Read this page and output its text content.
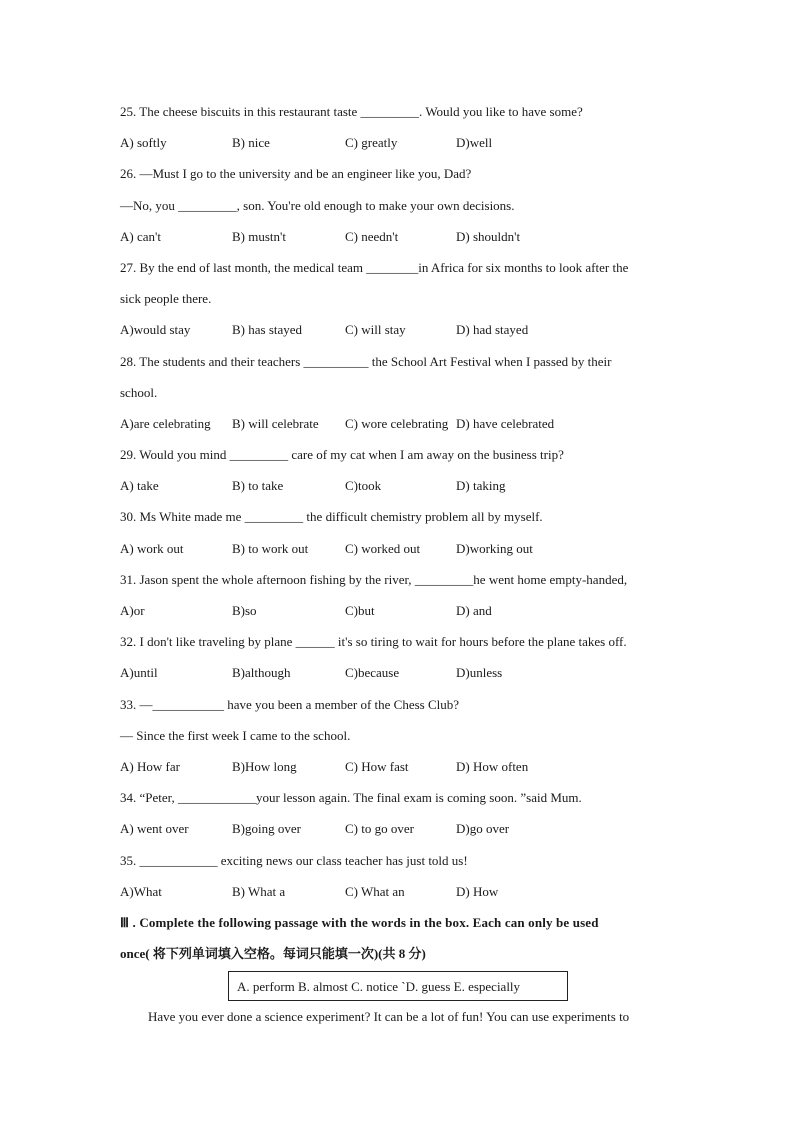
25. The cheese biscuits in this restaurant taste _________. Would you like to have some?
A) softly	B) nice	C) greatly	D)well
26. —Must I go to the university and be an engineer like you, Dad?
—No, you _________, son. You're old enough to make your own decisions.
A) can't	B) mustn't	C) needn't	D) shouldn't
27. By the end of last month, the medical team ________in Africa for six months to look after the
sick people there.
A)would stay	B) has stayed	C) will stay	D) had stayed
28. The students and their teachers __________ the School Art Festival when I passed by their
school.
A)are celebrating	B) will celebrate	C) wore celebrating D) have celebrated
29. Would you mind _________ care of my cat when I am away on the business trip?
A) take	B) to take	C)took	D) taking
30. Ms White made me _________ the difficult chemistry problem all by myself.
A) work out	B) to work out	C) worked out	D)working out
31. Jason spent the whole afternoon fishing by the river, _________he went home empty-handed,
A)or	B)so	C)but	D) and
32. I don't like traveling by plane ______ it's so tiring to wait for hours before the plane takes off.
A)until	B)although	C)because	D)unless
33. —___________ have you been a member of the Chess Club?
— Since the first week I came to the school.
A) How far	B)How long	C) How fast	D) How often
34. “Peter, ____________your lesson again. The final exam is coming soon. ”said Mum.
A) went over	B)going over	C) to go over	D)go over
35. ____________ exciting news our class teacher has just told us!
A)What	B) What a	C) What an	D) How
Ⅲ . Complete the following passage with the words in the box. Each can only be used
once( 将下列单词填入空格。每词只能填一次)(共 8 分)
A. perform B. almost C. notice `D. guess E. especially
Have you ever done a science experiment? It can be a lot of fun! You can use experiments to
